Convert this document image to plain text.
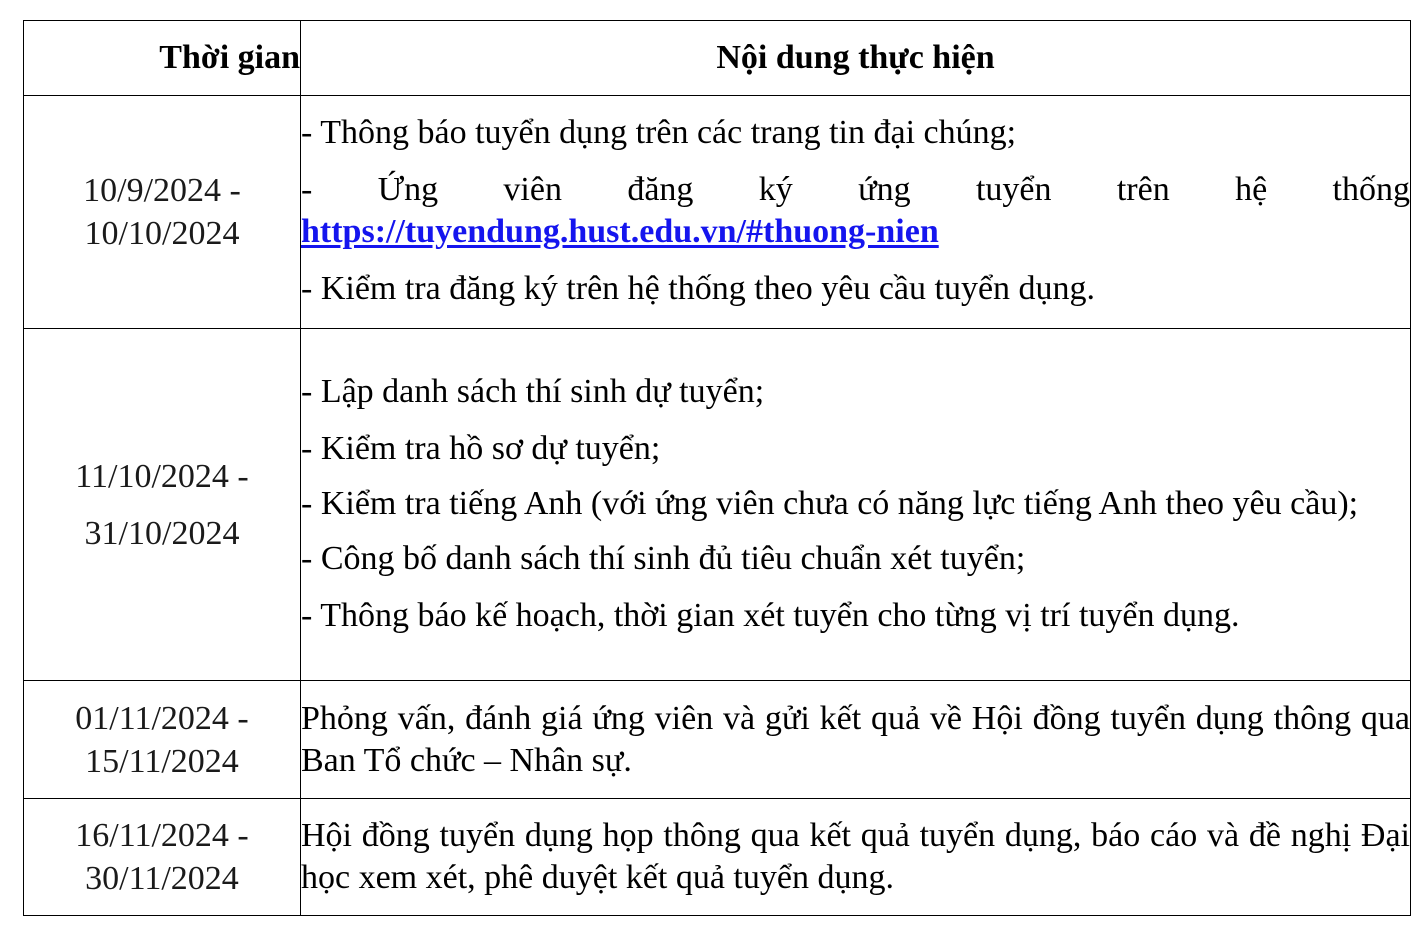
Thời gian	Nội dung thực hiện

10/9/2024 -
10/10/2024	- Thông báo tuyển dụng trên các trang tin đại chúng;
- Ứng viên đăng ký ứng tuyển trên hệ thống
https://tuyendung.hust.edu.vn/#thuong-nien
- Kiểm tra đăng ký trên hệ thống theo yêu cầu tuyển dụng.

11/10/2024 -
31/10/2024	- Lập danh sách thí sinh dự tuyển;
- Kiểm tra hồ sơ dự tuyển;
- Kiểm tra tiếng Anh (với ứng viên chưa có năng lực tiếng Anh theo yêu cầu);
- Công bố danh sách thí sinh đủ tiêu chuẩn xét tuyển;
- Thông báo kế hoạch, thời gian xét tuyển cho từng vị trí tuyển dụng.

01/11/2024 -
15/11/2024	Phỏng vấn, đánh giá ứng viên và gửi kết quả về Hội đồng tuyển dụng thông qua Ban Tổ chức – Nhân sự.

16/11/2024 -
30/11/2024	Hội đồng tuyển dụng họp thông qua kết quả tuyển dụng, báo cáo và đề nghị Đại học xem xét, phê duyệt kết quả tuyển dụng.
